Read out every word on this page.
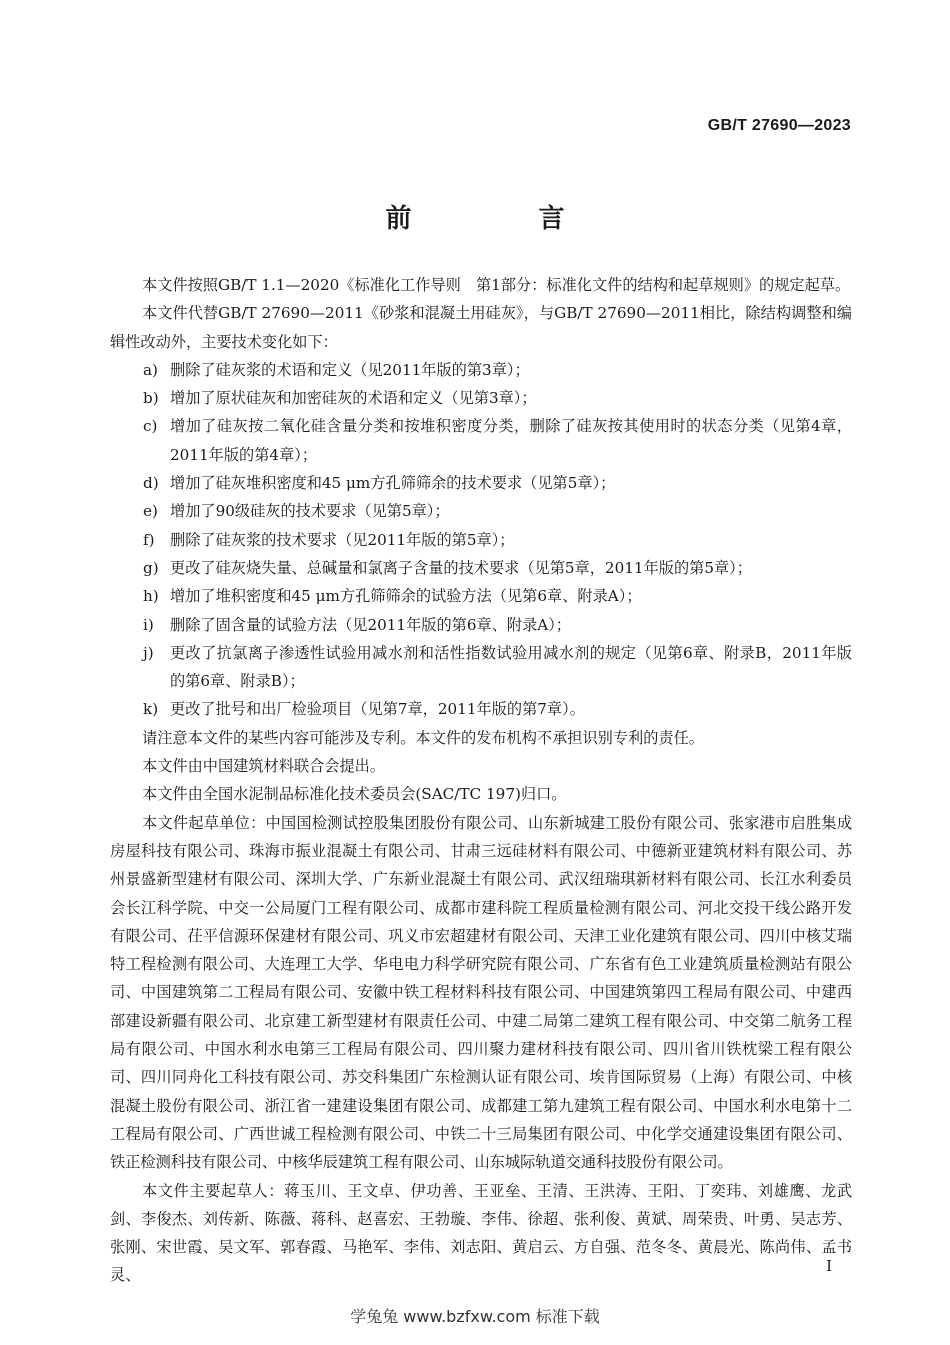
GB/T 27690—2023
前 言

本文件按照GB/T 1.1—2020《标准化工作导则　第1部分：标准化文件的结构和起草规则》的规定起草。

本文件代替GB/T 27690—2011《砂浆和混凝土用硅灰》，与GB/T 27690—2011相比，除结构调整和编辑性改动外，主要技术变化如下：

a) 删除了硅灰浆的术语和定义（见2011年版的第3章）；
b) 增加了原状硅灰和加密硅灰的术语和定义（见第3章）；
c) 增加了硅灰按二氧化硅含量分类和按堆积密度分类，删除了硅灰按其使用时的状态分类（见第4章，2011年版的第4章）；
d) 增加了硅灰堆积密度和45 μm方孔筛筛余的技术要求（见第5章）；
e) 增加了90级硅灰的技术要求（见第5章）；
f) 删除了硅灰浆的技术要求（见2011年版的第5章）；
g) 更改了硅灰烧失量、总碱量和氯离子含量的技术要求（见第5章，2011年版的第5章）；
h) 增加了堆积密度和45 μm方孔筛筛余的试验方法（见第6章、附录A）；
i) 删除了固含量的试验方法（见2011年版的第6章、附录A）；
j) 更改了抗氯离子渗透性试验用减水剂和活性指数试验用减水剂的规定（见第6章、附录B，2011年版的第6章、附录B）；
k) 更改了批号和出厂检验项目（见第7章，2011年版的第7章）。

请注意本文件的某些内容可能涉及专利。本文件的发布机构不承担识别专利的责任。

本文件由中国建筑材料联合会提出。

本文件由全国水泥制品标准化技术委员会(SAC/TC 197)归口。

本文件起草单位：中国国检测试控股集团股份有限公司、山东新城建工股份有限公司、张家港市启胜集成房屋科技有限公司、珠海市振业混凝土有限公司、甘肃三远硅材料有限公司、中德新亚建筑材料有限公司、苏州景盛新型建材有限公司、深圳大学、广东新业混凝土有限公司、武汉纽瑞琪新材料有限公司、长江水利委员会长江科学院、中交一公局厦门工程有限公司、成都市建科院工程质量检测有限公司、河北交投干线公路开发有限公司、茌平信源环保建材有限公司、巩义市宏超建材有限公司、天津工业化建筑有限公司、四川中核艾瑞特工程检测有限公司、大连理工大学、华电电力科学研究院有限公司、广东省有色工业建筑质量检测站有限公司、中国建筑第二工程局有限公司、安徽中铁工程材料科技有限公司、中国建筑第四工程局有限公司、中建西部建设新疆有限公司、北京建工新型建材有限责任公司、中建二局第二建筑工程有限公司、中交第二航务工程局有限公司、中国水利水电第三工程局有限公司、四川聚力建材科技有限公司、四川省川铁枕梁工程有限公司、四川同舟化工科技有限公司、苏交科集团广东检测认证有限公司、埃肯国际贸易（上海）有限公司、中核混凝土股份有限公司、浙江省一建建设集团有限公司、成都建工第九建筑工程有限公司、中国水利水电第十二工程局有限公司、广西世诚工程检测有限公司、中铁二十三局集团有限公司、中化学交通建设集团有限公司、铁正检测科技有限公司、中核华辰建筑工程有限公司、山东城际轨道交通科技股份有限公司。

本文件主要起草人：蒋玉川、王文卓、伊功善、王亚垒、王清、王洪涛、王阳、丁奕玮、刘雄鹰、龙武剑、李俊杰、刘传新、陈薇、蒋科、赵喜宏、王勃璇、李伟、徐超、张利俊、黄斌、周荣贵、叶勇、吴志芳、张刚、宋世霞、吴文军、郭春霞、马艳军、李伟、刘志阳、黄启云、方自强、范冬冬、黄晨光、陈尚伟、孟书灵、

I
学兔兔 www.bzfxw.com 标准下载
